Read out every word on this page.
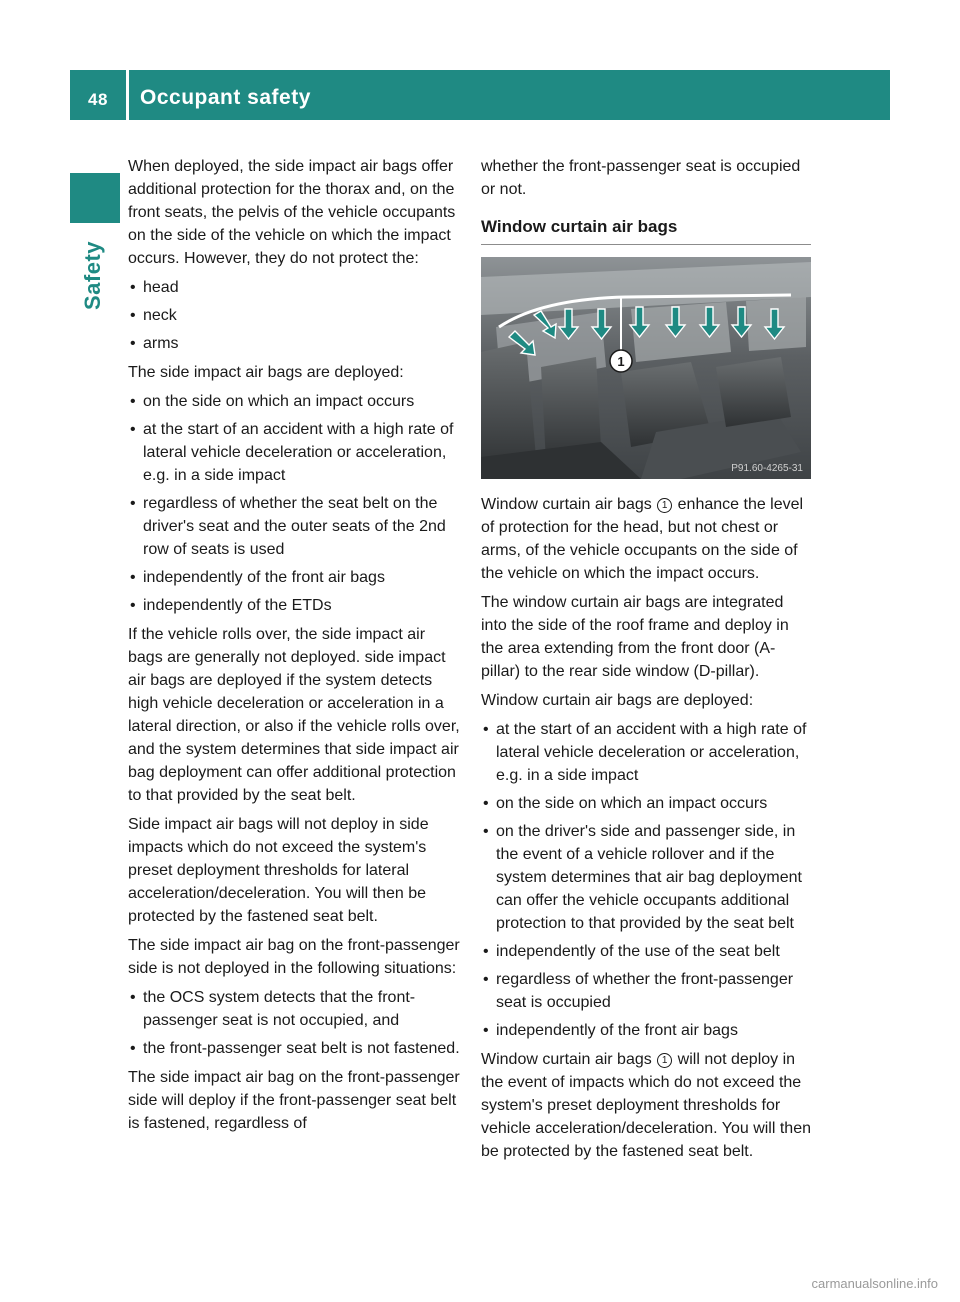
48	Occupant safety
Safety

When deployed, the side impact air bags offer additional protection for the thorax and, on the front seats, the pelvis of the vehicle occupants on the side of the vehicle on which the impact occurs. However, they do not protect the:

• head
• neck
• arms

The side impact air bags are deployed:

• on the side on which an impact occurs
• at the start of an accident with a high rate of lateral vehicle deceleration or acceleration, e.g. in a side impact
• regardless of whether the seat belt on the driver's seat and the outer seats of the 2nd row of seats is used
• independently of the front air bags
• independently of the ETDs

If the vehicle rolls over, the side impact air bags are generally not deployed. side impact air bags are deployed if the system detects high vehicle deceleration or acceleration in a lateral direction, or also if the vehicle rolls over, and the system determines that side impact air bag deployment can offer additional protection to that provided by the seat belt.

Side impact air bags will not deploy in side impacts which do not exceed the system's preset deployment thresholds for lateral acceleration/deceleration. You will then be protected by the fastened seat belt.

The side impact air bag on the front-passenger side is not deployed in the following situations:

• the OCS system detects that the front-passenger seat is not occupied, and
• the front-passenger seat belt is not fastened.

The side impact air bag on the front-passenger side will deploy if the front-passenger seat belt is fastened, regardless of

whether the front-passenger seat is occupied or not.

Window curtain air bags
1
P91.60-4265-31

Window curtain air bags 1 enhance the level of protection for the head, but not chest or arms, of the vehicle occupants on the side of the vehicle on which the impact occurs.

The window curtain air bags are integrated into the side of the roof frame and deploy in the area extending from the front door (A-pillar) to the rear side window (D-pillar).

Window curtain air bags are deployed:

• at the start of an accident with a high rate of lateral vehicle deceleration or acceleration, e.g. in a side impact
• on the side on which an impact occurs
• on the driver's side and passenger side, in the event of a vehicle rollover and if the system determines that air bag deployment can offer the vehicle occupants additional protection to that provided by the seat belt
• independently of the use of the seat belt
• regardless of whether the front-passenger seat is occupied
• independently of the front air bags

Window curtain air bags 1 will not deploy in the event of impacts which do not exceed the system's preset deployment thresholds for vehicle acceleration/deceleration. You will then be protected by the fastened seat belt.

carmanualsonline.info
